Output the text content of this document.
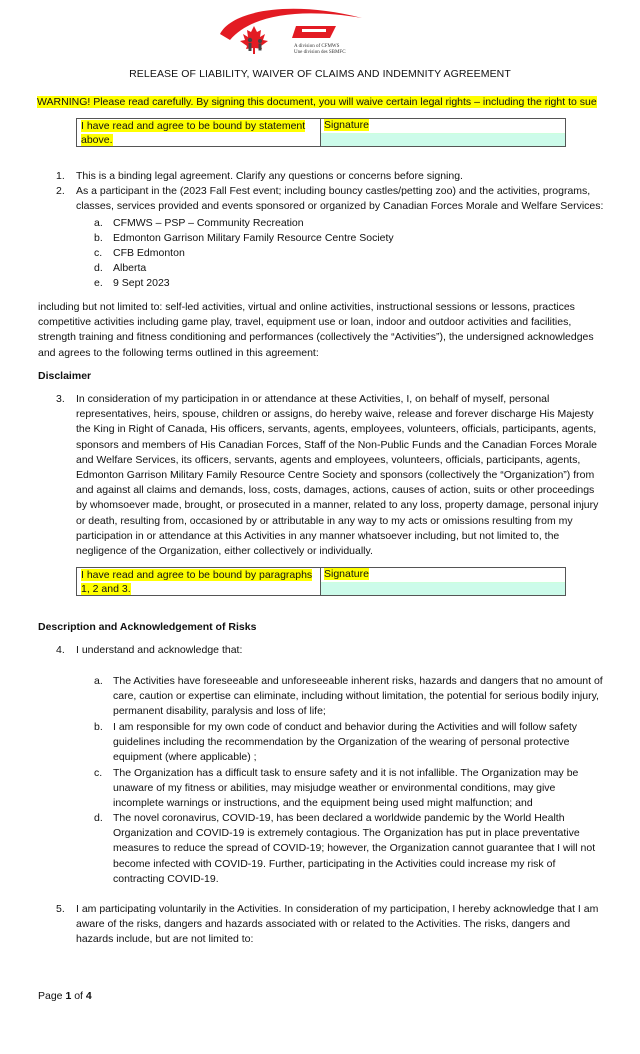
A division of CFMWS
Une division des SBMFC
RELEASE OF LIABILITY, WAIVER OF CLAIMS AND INDEMNITY AGREEMENT
WARNING! Please read carefully. By signing this document, you will waive certain legal rights – including the right to sue
I have read and agree to be bound by statement above.
Signature
1. This is a binding legal agreement. Clarify any questions or concerns before signing.
2. As a participant in the (2023 Fall Fest event; including bouncy castles/petting zoo) and the activities, programs, classes, services provided and events sponsored or organized by Canadian Forces Morale and Welfare Services:
a. CFMWS – PSP – Community Recreation
b. Edmonton Garrison Military Family Resource Centre Society
c. CFB Edmonton
d. Alberta
e. 9 Sept 2023
including but not limited to: self-led activities, virtual and online activities, instructional sessions or lessons, practices competitive activities including game play, travel, equipment use or loan, indoor and outdoor activities and facilities, strength training and fitness conditioning and performances (collectively the “Activities”), the undersigned acknowledges and agrees to the following terms outlined in this agreement:
Disclaimer
3. In consideration of my participation in or attendance at these Activities, I, on behalf of myself, personal representatives, heirs, spouse, children or assigns, do hereby waive, release and forever discharge His Majesty the King in Right of Canada, His officers, servants, agents, employees, volunteers, officials, participants, agents, sponsors and members of His Canadian Forces, Staff of the Non-Public Funds and the Canadian Forces Morale and Welfare Services, its officers, servants, agents and employees, volunteers, officials, participants, agents, Edmonton Garrison Military Family Resource Centre Society and sponsors (collectively the “Organization”) from and against all claims and demands, loss, costs, damages, actions, causes of action, suits or other proceedings by whomsoever made, brought, or prosecuted in a manner, related to any loss, property damage, personal injury or death, resulting from, occasioned by or attributable in any way to my acts or omissions resulting from my participation in or attendance at this Activities in any manner whatsoever including, but not limited to, the negligence of the Organization, either collectively or individually.
I have read and agree to be bound by paragraphs 1, 2 and 3.
Signature
Description and Acknowledgement of Risks
4. I understand and acknowledge that:
a. The Activities have foreseeable and unforeseeable inherent risks, hazards and dangers that no amount of care, caution or expertise can eliminate, including without limitation, the potential for serious bodily injury, permanent disability, paralysis and loss of life;
b. I am responsible for my own code of conduct and behavior during the Activities and will follow safety guidelines including the recommendation by the Organization of the wearing of personal protective equipment (where applicable) ;
c. The Organization has a difficult task to ensure safety and it is not infallible. The Organization may be unaware of my fitness or abilities, may misjudge weather or environmental conditions, may give incomplete warnings or instructions, and the equipment being used might malfunction; and
d. The novel coronavirus, COVID-19, has been declared a worldwide pandemic by the World Health Organization and COVID-19 is extremely contagious. The Organization has put in place preventative measures to reduce the spread of COVID-19; however, the Organization cannot guarantee that I will not become infected with COVID-19. Further, participating in the Activities could increase my risk of contracting COVID-19.
5. I am participating voluntarily in the Activities. In consideration of my participation, I hereby acknowledge that I am aware of the risks, dangers and hazards associated with or related to the Activities. The risks, dangers and hazards include, but are not limited to:
Page 1 of 4
